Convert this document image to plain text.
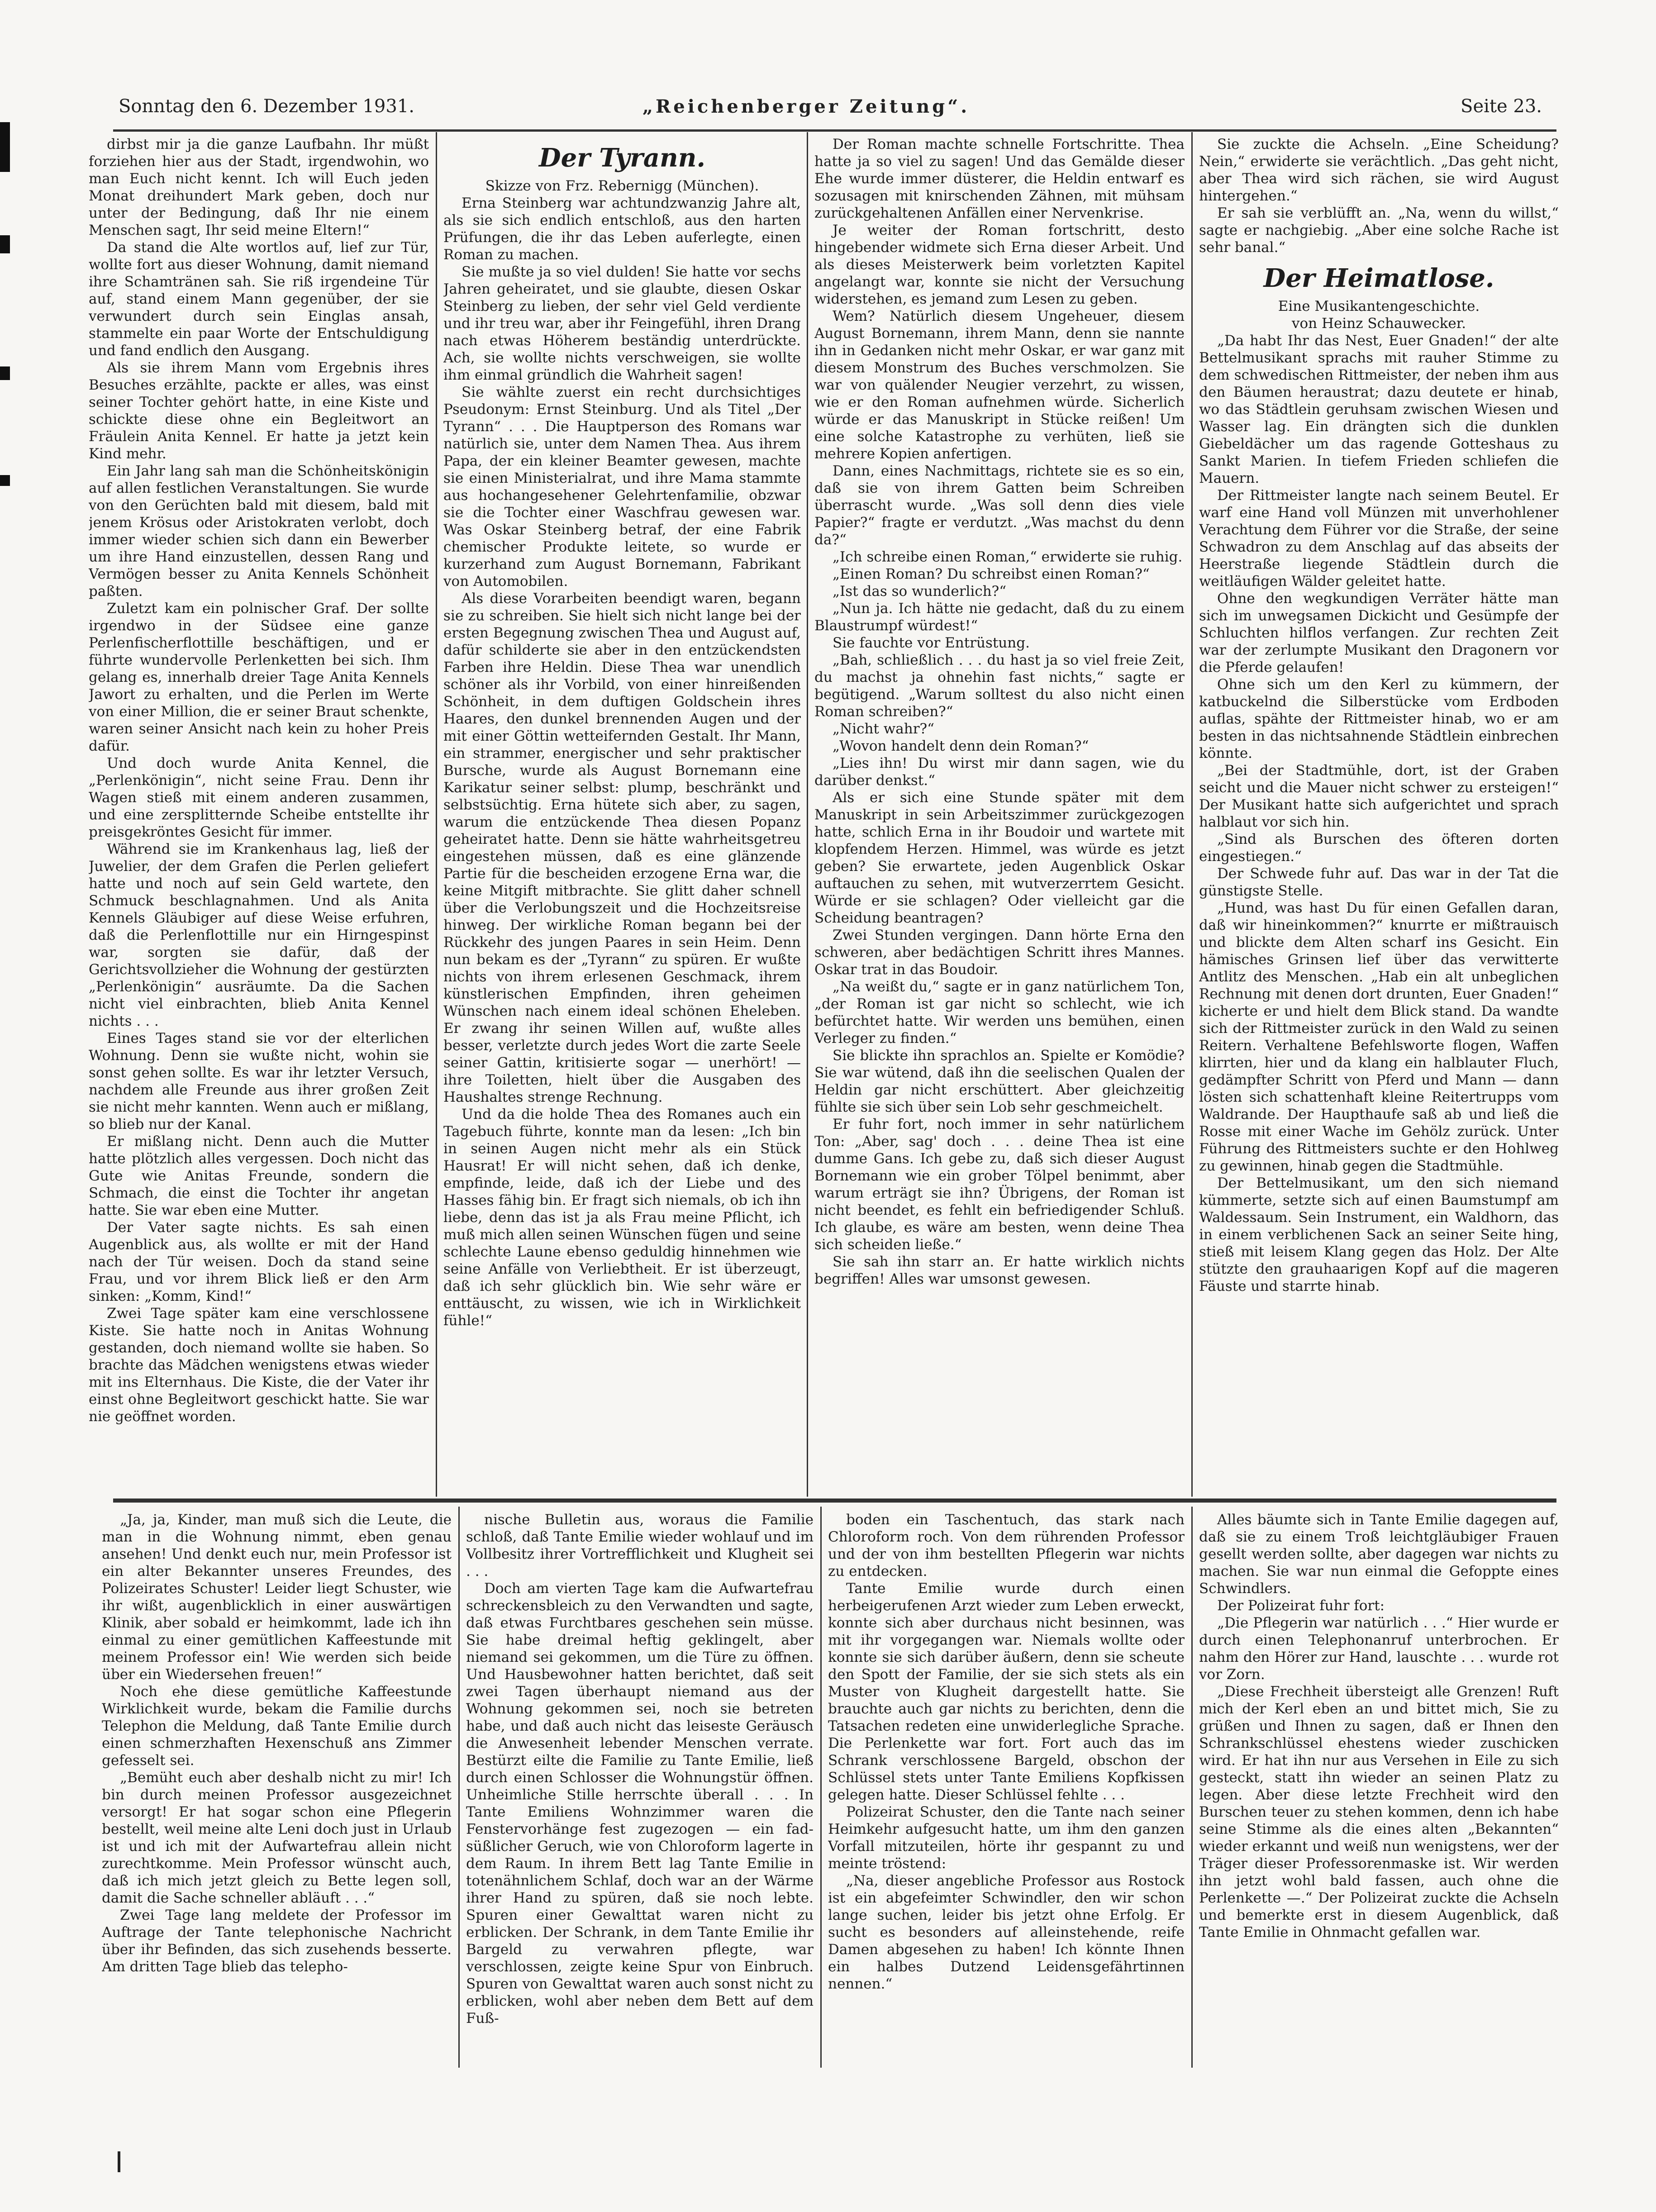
Sonntag den 6. Dezember 1931.	„Reichenberger Zeitung“.	Seite 23.

dirbst mir ja die ganze Laufbahn. Ihr müßt forziehen hier aus der Stadt, irgendwohin, wo man Euch nicht kennt. Ich will Euch jeden Monat dreihundert Mark geben, doch nur unter der Bedingung, daß Ihr nie einem Menschen sagt, Ihr seid meine Eltern!“

Da stand die Alte wortlos auf, lief zur Tür, wollte fort aus dieser Wohnung, damit niemand ihre Schamtränen sah. Sie riß irgendeine Tür auf, stand einem Mann gegenüber, der sie verwundert durch sein Einglas ansah, stammelte ein paar Worte der Entschuldigung und fand endlich den Ausgang.

Als sie ihrem Mann vom Ergebnis ihres Besuches erzählte, packte er alles, was einst seiner Tochter gehört hatte, in eine Kiste und schickte diese ohne ein Begleitwort an Fräulein Anita Kennel. Er hatte ja jetzt kein Kind mehr.

Ein Jahr lang sah man die Schönheitskönigin auf allen festlichen Veranstaltungen. Sie wurde von den Gerüchten bald mit diesem, bald mit jenem Krösus oder Aristokraten verlobt, doch immer wieder schien sich dann ein Bewerber um ihre Hand einzustellen, dessen Rang und Vermögen besser zu Anita Kennels Schönheit paßten.

Zuletzt kam ein polnischer Graf. Der sollte irgendwo in der Südsee eine ganze Perlenfischerflottille beschäftigen, und er führte wundervolle Perlenketten bei sich. Ihm gelang es, innerhalb dreier Tage Anita Kennels Jawort zu erhalten, und die Perlen im Werte von einer Million, die er seiner Braut schenkte, waren seiner Ansicht nach kein zu hoher Preis dafür.

Und doch wurde Anita Kennel, die „Perlenkönigin“, nicht seine Frau. Denn ihr Wagen stieß mit einem anderen zusammen, und eine zersplitternde Scheibe entstellte ihr preisgekröntes Gesicht für immer.

Während sie im Krankenhaus lag, ließ der Juwelier, der dem Grafen die Perlen geliefert hatte und noch auf sein Geld wartete, den Schmuck beschlagnahmen. Und als Anita Kennels Gläubiger auf diese Weise erfuhren, daß die Perlenflottille nur ein Hirngespinst war, sorgten sie dafür, daß der Gerichtsvollzieher die Wohnung der gestürzten „Perlenkönigin“ ausräumte. Da die Sachen nicht viel einbrachten, blieb Anita Kennel nichts . . .

Eines Tages stand sie vor der elterlichen Wohnung. Denn sie wußte nicht, wohin sie sonst gehen sollte. Es war ihr letzter Versuch, nachdem alle Freunde aus ihrer großen Zeit sie nicht mehr kannten. Wenn auch er mißlang, so blieb nur der Kanal.

Er mißlang nicht. Denn auch die Mutter hatte plötzlich alles vergessen. Doch nicht das Gute wie Anitas Freunde, sondern die Schmach, die einst die Tochter ihr angetan hatte. Sie war eben eine Mutter.

Der Vater sagte nichts. Es sah einen Augenblick aus, als wollte er mit der Hand nach der Tür weisen. Doch da stand seine Frau, und vor ihrem Blick ließ er den Arm sinken: „Komm, Kind!“

Zwei Tage später kam eine verschlossene Kiste. Sie hatte noch in Anitas Wohnung gestanden, doch niemand wollte sie haben. So brachte das Mädchen wenigstens etwas wieder mit ins Elternhaus. Die Kiste, die der Vater ihr einst ohne Begleitwort geschickt hatte. Sie war nie geöffnet worden.

Der Tyrann.

Skizze von Frz. Rebernigg (München).

Erna Steinberg war achtundzwanzig Jahre alt, als sie sich endlich entschloß, aus den harten Prüfungen, die ihr das Leben auferlegte, einen Roman zu machen.

Sie mußte ja so viel dulden! Sie hatte vor sechs Jahren geheiratet, und sie glaubte, diesen Oskar Steinberg zu lieben, der sehr viel Geld verdiente und ihr treu war, aber ihr Feingefühl, ihren Drang nach etwas Höherem beständig unterdrückte. Ach, sie wollte nichts verschweigen, sie wollte ihm einmal gründlich die Wahrheit sagen!

Sie wählte zuerst ein recht durchsichtiges Pseudonym: Ernst Steinburg. Und als Titel „Der Tyrann“ . . . Die Hauptperson des Romans war natürlich sie, unter dem Namen Thea. Aus ihrem Papa, der ein kleiner Beamter gewesen, machte sie einen Ministerialrat, und ihre Mama stammte aus hochangesehener Gelehrtenfamilie, obzwar sie die Tochter einer Waschfrau gewesen war. Was Oskar Steinberg betraf, der eine Fabrik chemischer Produkte leitete, so wurde er kurzerhand zum August Bornemann, Fabrikant von Automobilen.

Als diese Vorarbeiten beendigt waren, begann sie zu schreiben. Sie hielt sich nicht lange bei der ersten Begegnung zwischen Thea und August auf, dafür schilderte sie aber in den entzückendsten Farben ihre Heldin. Diese Thea war unendlich schöner als ihr Vorbild, von einer hinreißenden Schönheit, in dem duftigen Goldschein ihres Haares, den dunkel brennenden Augen und der mit einer Göttin wetteifernden Gestalt. Ihr Mann, ein strammer, energischer und sehr praktischer Bursche, wurde als August Bornemann eine Karikatur seiner selbst: plump, beschränkt und selbstsüchtig. Erna hütete sich aber, zu sagen, warum die entzückende Thea diesen Popanz geheiratet hatte. Denn sie hätte wahrheitsgetreu eingestehen müssen, daß es eine glänzende Partie für die bescheiden erzogene Erna war, die keine Mitgift mitbrachte. Sie glitt daher schnell über die Verlobungszeit und die Hochzeitsreise hinweg. Der wirkliche Roman begann bei der Rückkehr des jungen Paares in sein Heim. Denn nun bekam es der „Tyrann“ zu spüren. Er wußte nichts von ihrem erlesenen Geschmack, ihrem künstlerischen Empfinden, ihren geheimen Wünschen nach einem ideal schönen Eheleben. Er zwang ihr seinen Willen auf, wußte alles besser, verletzte durch jedes Wort die zarte Seele seiner Gattin, kritisierte sogar — unerhört! — ihre Toiletten, hielt über die Ausgaben des Haushaltes strenge Rechnung.

Und da die holde Thea des Romanes auch ein Tagebuch führte, konnte man da lesen: „Ich bin in seinen Augen nicht mehr als ein Stück Hausrat! Er will nicht sehen, daß ich denke, empfinde, leide, daß ich der Liebe und des Hasses fähig bin. Er fragt sich niemals, ob ich ihn liebe, denn das ist ja als Frau meine Pflicht, ich muß mich allen seinen Wünschen fügen und seine schlechte Laune ebenso geduldig hinnehmen wie seine Anfälle von Verliebtheit. Er ist überzeugt, daß ich sehr glücklich bin. Wie sehr wäre er enttäuscht, zu wissen, wie ich in Wirklichkeit fühle!“

Der Roman machte schnelle Fortschritte. Thea hatte ja so viel zu sagen! Und das Gemälde dieser Ehe wurde immer düsterer, die Heldin entwarf es sozusagen mit knirschenden Zähnen, mit mühsam zurückgehaltenen Anfällen einer Nervenkrise.

Je weiter der Roman fortschritt, desto hingebender widmete sich Erna dieser Arbeit. Und als dieses Meisterwerk beim vorletzten Kapitel angelangt war, konnte sie nicht der Versuchung widerstehen, es jemand zum Lesen zu geben.

Wem? Natürlich diesem Ungeheuer, diesem August Bornemann, ihrem Mann, denn sie nannte ihn in Gedanken nicht mehr Oskar, er war ganz mit diesem Monstrum des Buches verschmolzen. Sie war von quälender Neugier verzehrt, zu wissen, wie er den Roman aufnehmen würde. Sicherlich würde er das Manuskript in Stücke reißen! Um eine solche Katastrophe zu verhüten, ließ sie mehrere Kopien anfertigen.

Dann, eines Nachmittags, richtete sie es so ein, daß sie von ihrem Gatten beim Schreiben überrascht wurde. „Was soll denn dies viele Papier?“ fragte er verdutzt. „Was machst du denn da?“

„Ich schreibe einen Roman,“ erwiderte sie ruhig.

„Einen Roman? Du schreibst einen Roman?“

„Ist das so wunderlich?“

„Nun ja. Ich hätte nie gedacht, daß du zu einem Blaustrumpf würdest!“

Sie fauchte vor Entrüstung.

„Bah, schließlich . . . du hast ja so viel freie Zeit, du machst ja ohnehin fast nichts,“ sagte er begütigend. „Warum solltest du also nicht einen Roman schreiben?“

„Nicht wahr?“

„Wovon handelt denn dein Roman?“

„Lies ihn! Du wirst mir dann sagen, wie du darüber denkst.“

Als er sich eine Stunde später mit dem Manuskript in sein Arbeitszimmer zurückgezogen hatte, schlich Erna in ihr Boudoir und wartete mit klopfendem Herzen. Himmel, was würde es jetzt geben? Sie erwartete, jeden Augenblick Oskar auftauchen zu sehen, mit wutverzerrtem Gesicht. Würde er sie schlagen? Oder vielleicht gar die Scheidung beantragen?

Zwei Stunden vergingen. Dann hörte Erna den schweren, aber bedächtigen Schritt ihres Mannes. Oskar trat in das Boudoir.

„Na weißt du,“ sagte er in ganz natürlichem Ton, „der Roman ist gar nicht so schlecht, wie ich befürchtet hatte. Wir werden uns bemühen, einen Verleger zu finden.“

Sie blickte ihn sprachlos an. Spielte er Komödie? Sie war wütend, daß ihn die seelischen Qualen der Heldin gar nicht erschüttert. Aber gleichzeitig fühlte sie sich über sein Lob sehr geschmeichelt.

Er fuhr fort, noch immer in sehr natürlichem Ton: „Aber, sag' doch . . . deine Thea ist eine dumme Gans. Ich gebe zu, daß sich dieser August Bornemann wie ein grober Tölpel benimmt, aber warum erträgt sie ihn? Übrigens, der Roman ist nicht beendet, es fehlt ein befriedigender Schluß. Ich glaube, es wäre am besten, wenn deine Thea sich scheiden ließe.“

Sie sah ihn starr an. Er hatte wirklich nichts begriffen! Alles war umsonst gewesen.

Sie zuckte die Achseln. „Eine Scheidung? Nein,“ erwiderte sie verächtlich. „Das geht nicht, aber Thea wird sich rächen, sie wird August hintergehen.“

Er sah sie verblüfft an. „Na, wenn du willst,“ sagte er nachgiebig. „Aber eine solche Rache ist sehr banal.“

Der Heimatlose.

Eine Musikantengeschichte.

von Heinz Schauwecker.

„Da habt Ihr das Nest, Euer Gnaden!“ der alte Bettelmusikant sprachs mit rauher Stimme zu dem schwedischen Rittmeister, der neben ihm aus den Bäumen heraustrat; dazu deutete er hinab, wo das Städtlein geruhsam zwischen Wiesen und Wasser lag. Ein drängten sich die dunklen Giebeldächer um das ragende Gotteshaus zu Sankt Marien. In tiefem Frieden schliefen die Mauern.

Der Rittmeister langte nach seinem Beutel. Er warf eine Hand voll Münzen mit unverhohlener Verachtung dem Führer vor die Straße, der seine Schwadron zu dem Anschlag auf das abseits der Heerstraße liegende Städtlein durch die weitläufigen Wälder geleitet hatte.

Ohne den wegkundigen Verräter hätte man sich im unwegsamen Dickicht und Gesümpfe der Schluchten hilflos verfangen. Zur rechten Zeit war der zerlumpte Musikant den Dragonern vor die Pferde gelaufen!

Ohne sich um den Kerl zu kümmern, der katbuckelnd die Silberstücke vom Erdboden auflas, spähte der Rittmeister hinab, wo er am besten in das nichtsahnende Städtlein einbrechen könnte.

„Bei der Stadtmühle, dort, ist der Graben seicht und die Mauer nicht schwer zu ersteigen!“ Der Musikant hatte sich aufgerichtet und sprach halblaut vor sich hin.

„Sind als Burschen des öfteren dorten eingestiegen.“

Der Schwede fuhr auf. Das war in der Tat die günstigste Stelle.

„Hund, was hast Du für einen Gefallen daran, daß wir hineinkommen?“ knurrte er mißtrauisch und blickte dem Alten scharf ins Gesicht. Ein hämisches Grinsen lief über das verwitterte Antlitz des Menschen. „Hab ein alt unbeglichen Rechnung mit denen dort drunten, Euer Gnaden!“ kicherte er und hielt dem Blick stand. Da wandte sich der Rittmeister zurück in den Wald zu seinen Reitern. Verhaltene Befehlsworte flogen, Waffen klirrten, hier und da klang ein halblauter Fluch, gedämpfter Schritt von Pferd und Mann — dann lösten sich schattenhaft kleine Reitertrupps vom Waldrande. Der Haupthaufe saß ab und ließ die Rosse mit einer Wache im Gehölz zurück. Unter Führung des Rittmeisters suchte er den Hohlweg zu gewinnen, hinab gegen die Stadtmühle.

Der Bettelmusikant, um den sich niemand kümmerte, setzte sich auf einen Baumstumpf am Waldessaum. Sein Instrument, ein Waldhorn, das in einem verblichenen Sack an seiner Seite hing, stieß mit leisem Klang gegen das Holz. Der Alte stützte den grauhaarigen Kopf auf die mageren Fäuste und starrte hinab.

„Ja, ja, Kinder, man muß sich die Leute, die man in die Wohnung nimmt, eben genau ansehen! Und denkt euch nur, mein Professor ist ein alter Bekannter unseres Freundes, des Polizeirates Schuster! Leider liegt Schuster, wie ihr wißt, augenblicklich in einer auswärtigen Klinik, aber sobald er heimkommt, lade ich ihn einmal zu einer gemütlichen Kaffeestunde mit meinem Professor ein! Wie werden sich beide über ein Wiedersehen freuen!“

Noch ehe diese gemütliche Kaffeestunde Wirklichkeit wurde, bekam die Familie durchs Telephon die Meldung, daß Tante Emilie durch einen schmerzhaften Hexenschuß ans Zimmer gefesselt sei.

„Bemüht euch aber deshalb nicht zu mir! Ich bin durch meinen Professor ausgezeichnet versorgt! Er hat sogar schon eine Pflegerin bestellt, weil meine alte Leni doch just in Urlaub ist und ich mit der Aufwartefrau allein nicht zurechtkomme. Mein Professor wünscht auch, daß ich mich jetzt gleich zu Bette legen soll, damit die Sache schneller abläuft . . .“

Zwei Tage lang meldete der Professor im Auftrage der Tante telephonische Nachricht über ihr Befinden, das sich zusehends besserte. Am dritten Tage blieb das telepho-

nische Bulletin aus, woraus die Familie schloß, daß Tante Emilie wieder wohlauf und im Vollbesitz ihrer Vortrefflichkeit und Klugheit sei . . .

Doch am vierten Tage kam die Aufwartefrau schreckensbleich zu den Verwandten und sagte, daß etwas Furchtbares geschehen sein müsse. Sie habe dreimal heftig geklingelt, aber niemand sei gekommen, um die Türe zu öffnen. Und Hausbewohner hatten berichtet, daß seit zwei Tagen überhaupt niemand aus der Wohnung gekommen sei, noch sie betreten habe, und daß auch nicht das leiseste Geräusch die Anwesenheit lebender Menschen verrate. Bestürzt eilte die Familie zu Tante Emilie, ließ durch einen Schlosser die Wohnungstür öffnen. Unheimliche Stille herrschte überall . . . In Tante Emiliens Wohnzimmer waren die Fenstervorhänge fest zugezogen — ein fad-süßlicher Geruch, wie von Chloroform lagerte in dem Raum. In ihrem Bett lag Tante Emilie in totenähnlichem Schlaf, doch war an der Wärme ihrer Hand zu spüren, daß sie noch lebte. Spuren einer Gewalttat waren nicht zu erblicken. Der Schrank, in dem Tante Emilie ihr Bargeld zu verwahren pflegte, war verschlossen, zeigte keine Spur von Einbruch. Spuren von Gewalttat waren auch sonst nicht zu erblicken, wohl aber neben dem Bett auf dem Fuß-

boden ein Taschentuch, das stark nach Chloroform roch. Von dem rührenden Professor und der von ihm bestellten Pflegerin war nichts zu entdecken.

Tante Emilie wurde durch einen herbeigerufenen Arzt wieder zum Leben erweckt, konnte sich aber durchaus nicht besinnen, was mit ihr vorgegangen war. Niemals wollte oder konnte sie sich darüber äußern, denn sie scheute den Spott der Familie, der sie sich stets als ein Muster von Klugheit dargestellt hatte. Sie brauchte auch gar nichts zu berichten, denn die Tatsachen redeten eine unwiderlegliche Sprache. Die Perlenkette war fort. Fort auch das im Schrank verschlossene Bargeld, obschon der Schlüssel stets unter Tante Emiliens Kopfkissen gelegen hatte. Dieser Schlüssel fehlte . . .

Polizeirat Schuster, den die Tante nach seiner Heimkehr aufgesucht hatte, um ihm den ganzen Vorfall mitzuteilen, hörte ihr gespannt zu und meinte tröstend:

„Na, dieser angebliche Professor aus Rostock ist ein abgefeimter Schwindler, den wir schon lange suchen, leider bis jetzt ohne Erfolg. Er sucht es besonders auf alleinstehende, reife Damen abgesehen zu haben! Ich könnte Ihnen ein halbes Dutzend Leidensgefährtinnen nennen.“

Alles bäumte sich in Tante Emilie dagegen auf, daß sie zu einem Troß leichtgläubiger Frauen gesellt werden sollte, aber dagegen war nichts zu machen. Sie war nun einmal die Gefoppte eines Schwindlers.

Der Polizeirat fuhr fort:

„Die Pflegerin war natürlich . . .“ Hier wurde er durch einen Telephonanruf unterbrochen. Er nahm den Hörer zur Hand, lauschte . . . wurde rot vor Zorn.

„Diese Frechheit übersteigt alle Grenzen! Ruft mich der Kerl eben an und bittet mich, Sie zu grüßen und Ihnen zu sagen, daß er Ihnen den Schrankschlüssel ehestens wieder zuschicken wird. Er hat ihn nur aus Versehen in Eile zu sich gesteckt, statt ihn wieder an seinen Platz zu legen. Aber diese letzte Frechheit wird den Burschen teuer zu stehen kommen, denn ich habe seine Stimme als die eines alten „Bekannten“ wieder erkannt und weiß nun wenigstens, wer der Träger dieser Professorenmaske ist. Wir werden ihn jetzt wohl bald fassen, auch ohne die Perlenkette —.“ Der Polizeirat zuckte die Achseln und bemerkte erst in diesem Augenblick, daß Tante Emilie in Ohnmacht gefallen war.
